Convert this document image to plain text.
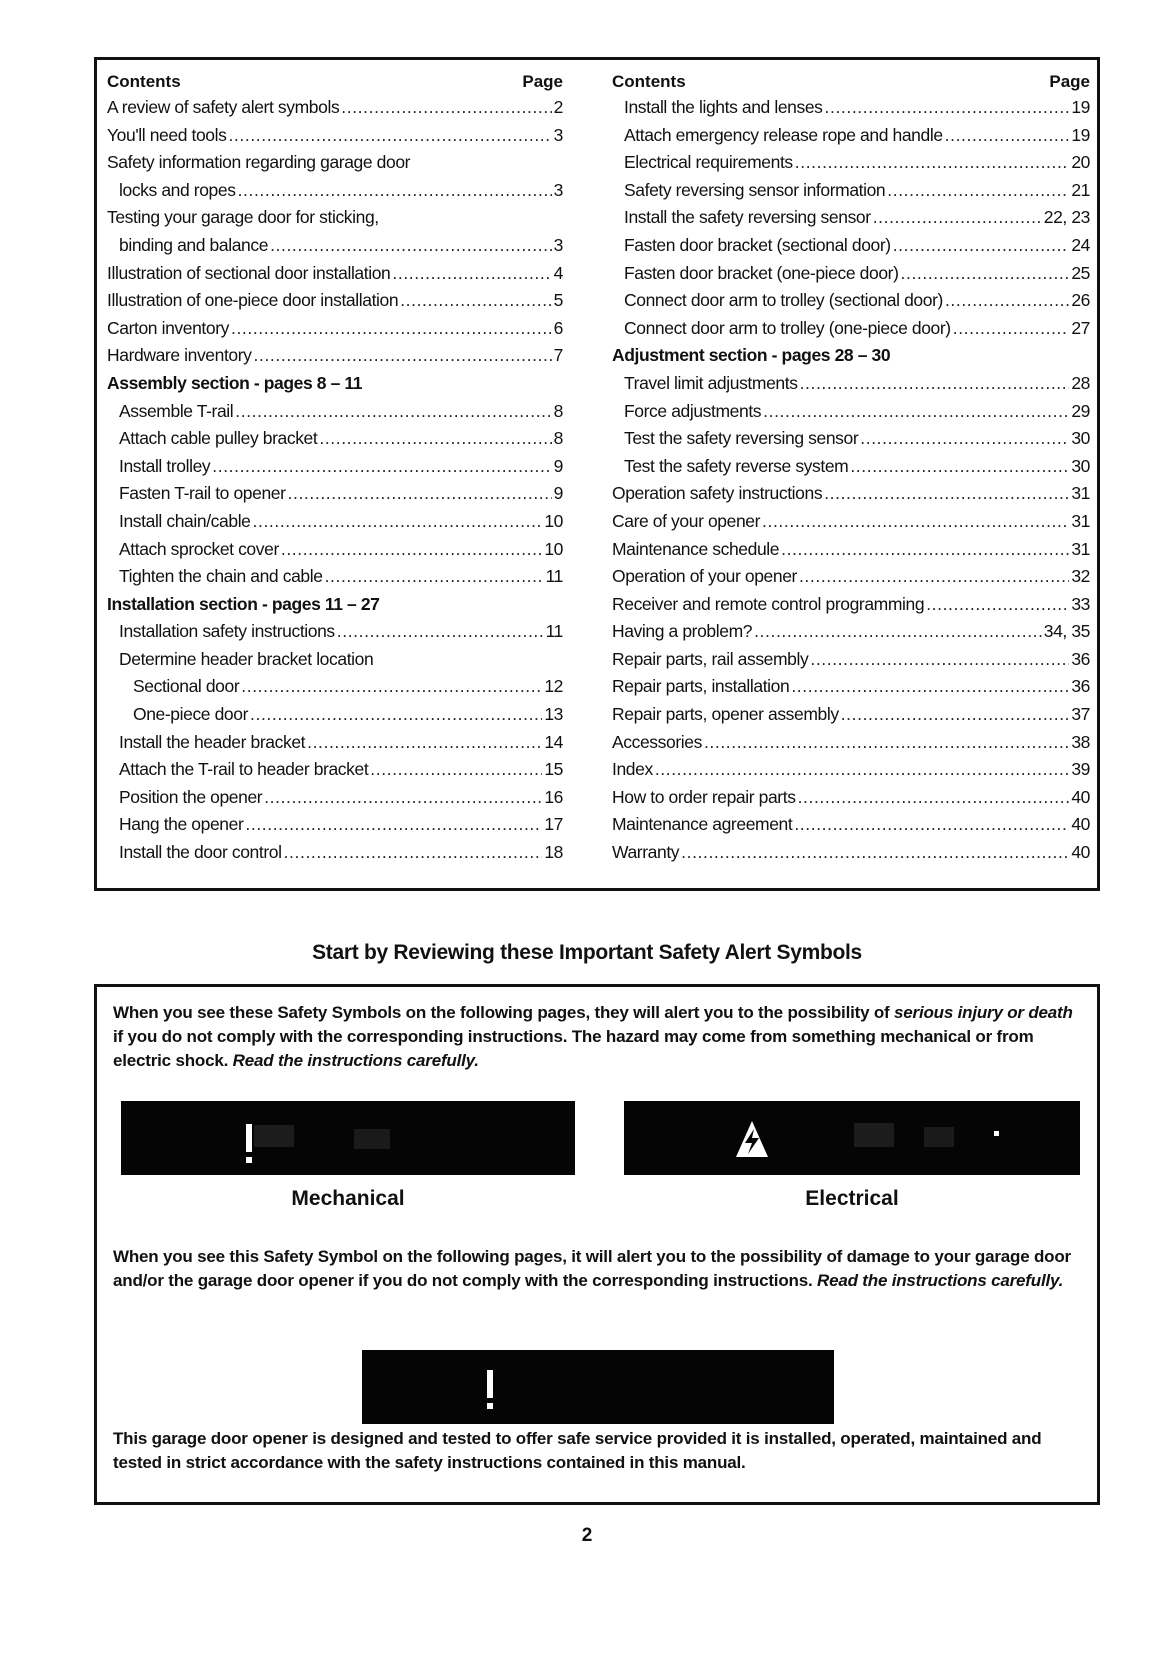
Contents	Page
A review of safety alert symbols .....	2
You'll need tools .....	3
Safety information regarding garage door
locks and ropes .....	3
Testing your garage door for sticking,
binding and balance .....	3
Illustration of sectional door installation .....	4
Illustration of one-piece door installation .....	5
Carton inventory .....	6
Hardware inventory .....	7
Assembly section - pages 8 – 11
Assemble T-rail .....	8
Attach cable pulley bracket .....	8
Install trolley .....	9
Fasten T-rail to opener .....	9
Install chain/cable .....	10
Attach sprocket cover .....	10
Tighten the chain and cable .....	11
Installation section - pages 11 – 27
Installation safety instructions .....	11
Determine header bracket location
Sectional door .....	12
One-piece door .....	13
Install the header bracket .....	14
Attach the T-rail to header bracket .....	15
Position the opener .....	16
Hang the opener .....	17
Install the door control .....	18
Contents	Page
Install the lights and lenses .....	19
Attach emergency release rope and handle .....	19
Electrical requirements .....	20
Safety reversing sensor information .....	21
Install the safety reversing sensor .....	22, 23
Fasten door bracket (sectional door) .....	24
Fasten door bracket (one-piece door) .....	25
Connect door arm to trolley (sectional door) .....	26
Connect door arm to trolley (one-piece door) .....	27
Adjustment section - pages 28 – 30
Travel limit adjustments .....	28
Force adjustments .....	29
Test the safety reversing sensor .....	30
Test the safety reverse system .....	30
Operation safety instructions .....	31
Care of your opener .....	31
Maintenance schedule .....	31
Operation of your opener .....	32
Receiver and remote control programming .....	33
Having a problem? .....	34, 35
Repair parts, rail assembly .....	36
Repair parts, installation .....	36
Repair parts, opener assembly .....	37
Accessories .....	38
Index .....	39
How to order repair parts .....	40
Maintenance agreement .....	40
Warranty .....	40
Start by Reviewing these Important Safety Alert Symbols
When you see these Safety Symbols on the following pages, they will alert you to the possibility of serious injury or death if you do not comply with the corresponding instructions. The hazard may come from something mechanical or from electric shock. Read the instructions carefully.
Mechanical	Electrical
When you see this Safety Symbol on the following pages, it will alert you to the possibility of damage to your garage door and/or the garage door opener if you do not comply with the corresponding instructions. Read the instructions carefully.
This garage door opener is designed and tested to offer safe service provided it is installed, operated, maintained and tested in strict accordance with the safety instructions contained in this manual.
2
